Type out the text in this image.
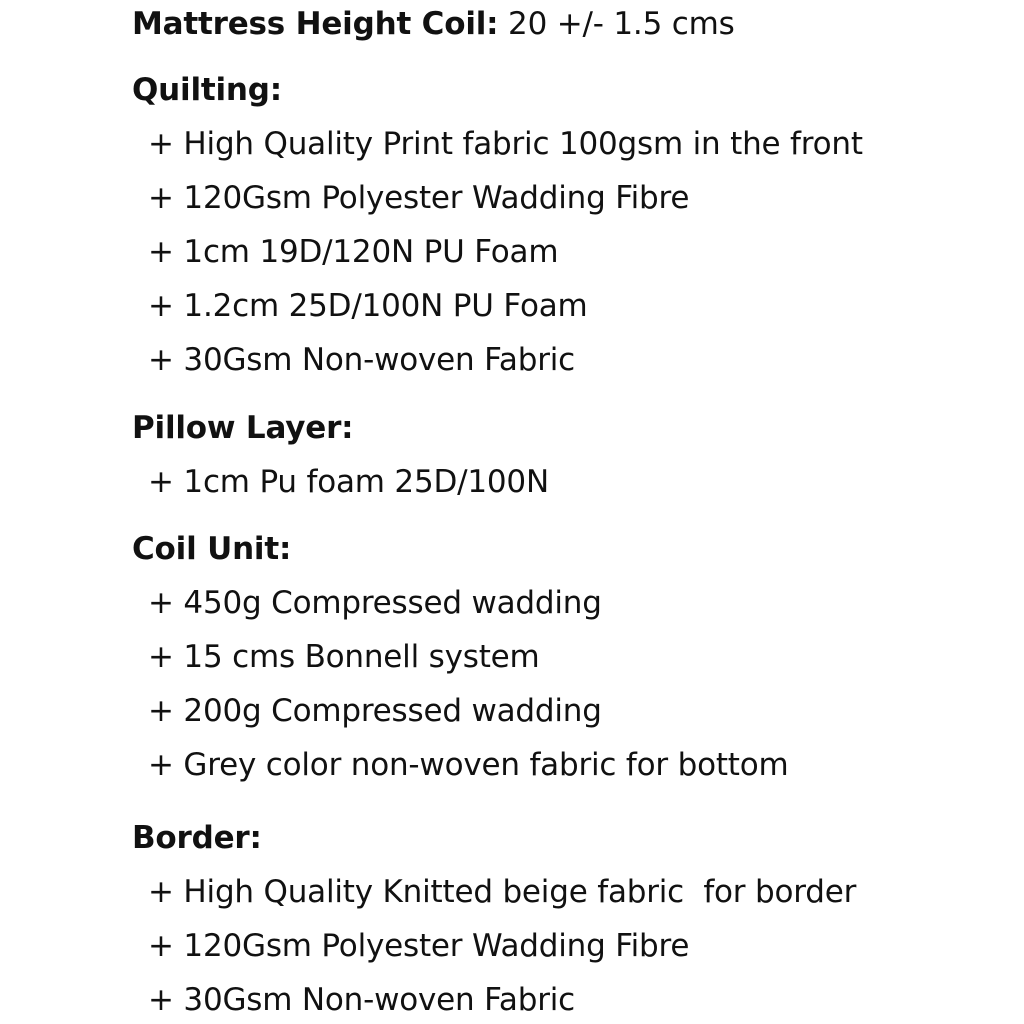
Mattress Height Coil: 20 +/- 1.5 cms
Quilting:
+ High Quality Print fabric 100gsm in the front
+ 120Gsm Polyester Wadding Fibre
+ 1cm 19D/120N PU Foam
+ 1.2cm 25D/100N PU Foam
+ 30Gsm Non-woven Fabric
Pillow Layer:
+ 1cm Pu foam 25D/100N
Coil Unit:
+ 450g Compressed wadding
+ 15 cms Bonnell system
+ 200g Compressed wadding
+ Grey color non-woven fabric for bottom
Border:
+ High Quality Knitted beige fabric  for border
+ 120Gsm Polyester Wadding Fibre
+ 30Gsm Non-woven Fabric
